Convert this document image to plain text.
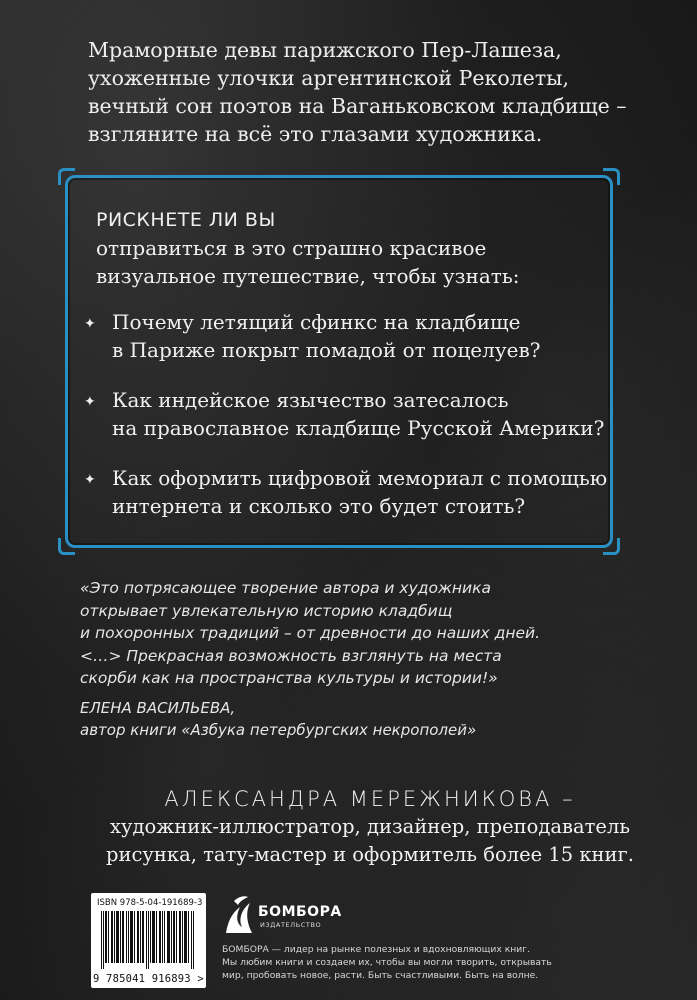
Мраморные девы парижского Пер-Лашеза,
ухоженные улочки аргентинской Реколеты,
вечный сон поэтов на Ваганьковском кладбище –
взгляните на всё это глазами художника.
РИСКНЕТЕ ЛИ ВЫ
отправиться в это страшно красивое
визуальное путешествие, чтобы узнать:
✦ Почему летящий сфинкс на кладбище
в Париже покрыт помадой от поцелуев?
✦ Как индейское язычество затесалось
на православное кладбище Русской Америки?
✦ Как оформить цифровой мемориал с помощью
интернета и сколько это будет стоить?
«Это потрясающее творение автора и художника
открывает увлекательную историю кладбищ
и похоронных традиций – от древности до наших дней.
<…> Прекрасная возможность взглянуть на места
скорби как на пространства культуры и истории!»
ЕЛЕНА ВАСИЛЬЕВА,
автор книги «Азбука петербургских некрополей»
АЛЕКСАНДРА МЕРЕЖНИКОВА –
художник-иллюстратор, дизайнер, преподаватель
рисунка, тату-мастер и оформитель более 15 книг.
ISBN 978-5-04-191689-3
9 785041 916893 >
БОМБОРА
ИЗДАТЕЛЬСТВО
БОМБОРА — лидер на рынке полезных и вдохновляющих книг.
Мы любим книги и создаем их, чтобы вы могли творить, открывать
мир, пробовать новое, расти. Быть счастливыми. Быть на волне.
